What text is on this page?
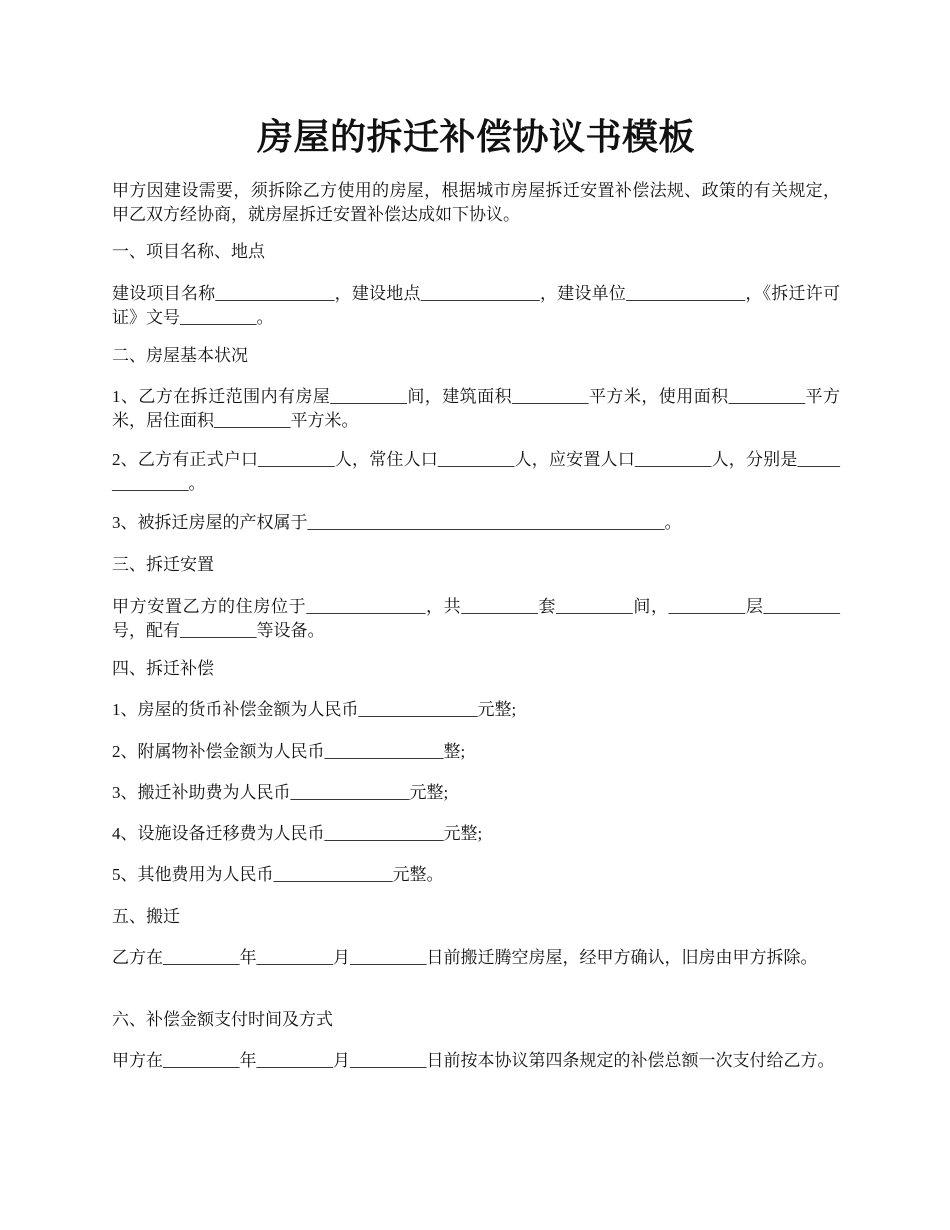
房屋的拆迁补偿协议书模板

甲方因建设需要，须拆除乙方使用的房屋，根据城市房屋拆迁安置补偿法规、政策的有关规定，甲乙双方经协商，就房屋拆迁安置补偿达成如下协议。

一、项目名称、地点

建设项目名称______________，建设地点______________，建设单位______________，《拆迁许可证》文号_________。

二、房屋基本状况

1、乙方在拆迁范围内有房屋_________间，建筑面积_________平方米，使用面积_________平方米，居住面积_________平方米。

2、乙方有正式户口_________人，常住人口_________人，应安置人口_________人，分别是______________。

3、被拆迁房屋的产权属于__________________________________________。

三、拆迁安置

甲方安置乙方的住房位于______________，共_________套_________间，_________层_________号，配有_________等设备。

四、拆迁补偿

1、房屋的货币补偿金额为人民币______________元整;

2、附属物补偿金额为人民币______________整;

3、搬迁补助费为人民币______________元整;

4、设施设备迁移费为人民币______________元整;

5、其他费用为人民币______________元整。

五、搬迁

乙方在_________年_________月_________日前搬迁腾空房屋，经甲方确认，旧房由甲方拆除。

六、补偿金额支付时间及方式

甲方在_________年_________月_________日前按本协议第四条规定的补偿总额一次支付给乙方。
